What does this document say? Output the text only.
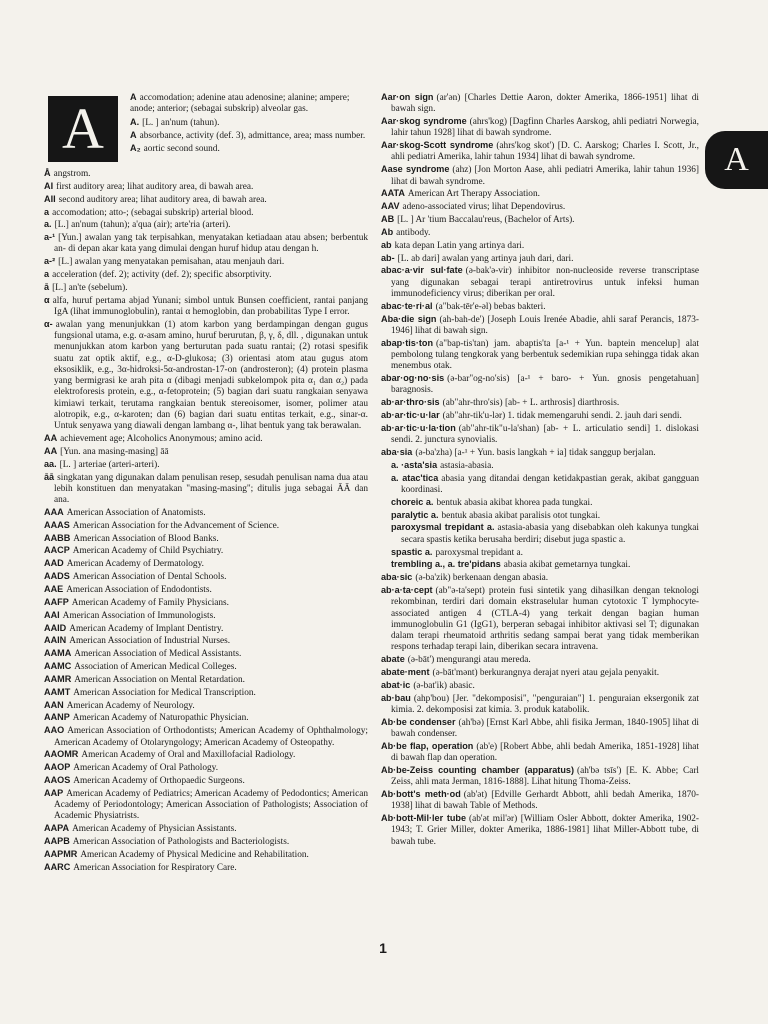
A	A accomodation; adenine atau adenosine; alanine; ampere; anode; anterior; (sebagai subskrip) alveolar gas.
A. [L. ] an'num (tahun).
A absorbance, activity (def. 3), admittance, area; mass number.
A₂ aortic second sound.
Å angstrom.
AI first auditory area; lihat auditory area, di bawah area.
AII second auditory area; lihat auditory area, di bawah area.
a accomodation; atto-; (sebagai subskrip) arterial blood.
a. [L.] an'num (tahun); a'qua (air); arte'ria (arteri).
a-¹ [Yun.] awalan yang tak terpisahkan, menyatakan ketiadaan atau absen; berbentuk an- di depan akar kata yang dimulai dengan huruf hidup atau dengan h.
a-² [L.] awalan yang menyatakan pemisahan, atau menjauh dari.
a acceleration (def. 2); activity (def. 2); specific absorptivity.
ā [L.] an'te (sebelum).
α alfa, huruf pertama abjad Yunani; simbol untuk Bunsen coefficient, rantai panjang IgA (lihat immunoglobulin), rantai α hemoglobin, dan probabilitas Type I error.
α- awalan yang menunjukkan (1) atom karbon yang berdampingan dengan gugus fungsional utama, e.g. α-asam amino, huruf berurutan, β, γ, δ, dll. , digunakan untuk menunjukkan atom karbon yang berturutan pada suatu rantai; (2) rotasi spesifik suatu zat optik aktif, e.g., α-D-glukosa; (3) orientasi atom atau gugus atom eksosiklik, e.g., 3α-hidroksi-5α-androstan-17-on (androsteron); (4) protein plasma yang bermigrasi ke arah pita α (dibagi menjadi subkelompok pita α₁ dan α₂) pada elektroforesis protein, e.g., α-fetoprotein; (5) bagian dari suatu rangkaian senyawa kimiawi terkait, terutama rangkaian bentuk stereoisomer, isomer, polimer atau alotropik, e.g., α-karoten; dan (6) bagian dari suatu entitas terkait, e.g., sinar-α. Untuk senyawa yang diawali dengan lambang α-, lihat bentuk yang tak berawalan.
AA achievement age; Alcoholics Anonymous; amino acid.
AA [Yun. ana masing-masing] āā
aa. [L. ] arteriae (arteri-arteri).
āā singkatan yang digunakan dalam penulisan resep, sesudah penulisan nama dua atau lebih konstituen dan menyatakan "masing-masing"; ditulis juga sebagai ĀĀ dan ana.
AAA American Association of Anatomists.
AAAS American Association for the Advancement of Science.
AABB American Association of Blood Banks.
AACP American Academy of Child Psychiatry.
AAD American Academy of Dermatology.
AADS American Association of Dental Schools.
AAE American Association of Endodontists.
AAFP American Academy of Family Physicians.
AAI American Association of Immunologists.
AAID American Academy of Implant Dentistry.
AAIN American Association of Industrial Nurses.
AAMA American Association of Medical Assistants.
AAMC Association of American Medical Colleges.
AAMR American Association on Mental Retardation.
AAMT American Association for Medical Transcription.
AAN American Academy of Neurology.
AANP American Academy of Naturopathic Physician.
AAO American Association of Orthodontists; American Academy of Ophthalmology; American Academy of Otolaryngology; American Academy of Osteopathy.
AAOMR American Academy of Oral and Maxillofacial Radiology.
AAOP American Academy of Oral Pathology.
AAOS American Academy of Orthopaedic Surgeons.
AAP American Academy of Pediatrics; American Academy of Pedodontics; American Academy of Periodontology; American Association of Pathologists; Association of Academic Physiatrists.
AAPA American Academy of Physician Assistants.
AAPB American Association of Pathologists and Bacteriologists.
AAPMR American Academy of Physical Medicine and Rehabilitation.
AARC American Association for Respiratory Care.
Aar·on sign (ar'ən) [Charles Dettie Aaron, dokter Amerika, 1866-1951] lihat di bawah sign.
Aar·skog syndrome (ahrs'kog) [Dagfinn Charles Aarskog, ahli pediatri Norwegia, lahir tahun 1928] lihat di bawah syndrome.
Aar·skog-Scott syndrome (ahrs'kog skot') [D. C. Aarskog; Charles I. Scott, Jr., ahli pediatri Amerika, lahir tahun 1934] lihat di bawah syndrome.
Aase syndrome (ahz) [Jon Morton Aase, ahli pediatri Amerika, lahir tahun 1936] lihat di bawah syndrome.
AATA American Art Therapy Association.
AAV adeno-associated virus; lihat Dependovirus.
AB [L. ] Ar 'tium Baccalau'reus, (Bachelor of Arts).
Ab antibody.
ab kata depan Latin yang artinya dari.
ab- [L. ab dari] awalan yang artinya jauh dari, dari.
abac·a·vir sul·fate (ə-bak'ə-vir) inhibitor non-nucleoside reverse transcriptase yang digunakan sebagai terapi antiretrovirus untuk infeksi human immunodeficiency virus; diberikan per oral.
abac·te·ri·al (a"bak-tēr'e-əl) bebas bakteri.
Aba·die sign (ah-bah-de') [Joseph Louis Irenée Abadie, ahli saraf Perancis, 1873-1946] lihat di bawah sign.
abap·tis·ton (a"bap-tis'tan) jam. abaptis'ta [a-¹ + Yun. baptein mencelup] alat pembolong tulang tengkorak yang berbentuk sedemikian rupa sehingga tidak akan menembus otak.
abar·og·no·sis (ə-bar"og-no'sis) [a-¹ + baro- + Yun. gnosis pengetahuan] baragnosis.
ab·ar·thro·sis (ab"ahr-thro'sis) [ab- + L. arthrosis] diarthrosis.
ab·ar·tic·u·lar (ab"ahr-tik'u-lər) 1. tidak memengaruhi sendi. 2. jauh dari sendi.
ab·ar·tic·u·la·tion (ab"ahr-tik"u-la'shan) [ab- + L. articulatio sendi] 1. dislokasi sendi. 2. junctura synovialis.
aba·sia (ə-ba'zha) [a-¹ + Yun. basis langkah + ia] tidak sanggup berjalan.
a. ·asta'sia astasia-abasia.
a. atac'tica abasia yang ditandai dengan ketidakpastian gerak, akibat gangguan koordinasi.
choreic a. bentuk abasia akibat khorea pada tungkai.
paralytic a. bentuk abasia akibat paralisis otot tungkai.
paroxysmal trepidant a. astasia-abasia yang disebabkan oleh kakunya tungkai secara spastis ketika berusaha berdiri; disebut juga spastic a.
spastic a. paroxysmal trepidant a.
trembling a., a. tre'pidans abasia akibat gemetarnya tungkai.
aba·sic (ə-ba'zik) berkenaan dengan abasia.
ab·a·ta·cept (ab"ə-ta'sept) protein fusi sintetik yang dihasilkan dengan teknologi rekombinan, terdiri dari domain ekstraselular human cytotoxic T lymphocyte-associated antigen 4 (CTLA-4) yang terkait dengan bagian human immunoglobulin G1 (IgG1), berperan sebagai inhibitor aktivasi sel T; digunakan dalam terapi rheumatoid arthritis sedang sampai berat yang tidak memberikan respons terhadap terapi lain, diberikan secara intravena.
abate (ə-bāt') mengurangi atau mereda.
abate·ment (ə-bāt'mənt) berkurangnya derajat nyeri atau gejala penyakit.
abat·ic (ə-bat'ik) abasic.
ab·bau (ahp'bou) [Jer. "dekomposisi", "penguraian"] 1. penguraian eksergonik zat kimia. 2. dekomposisi zat kimia. 3. produk katabolik.
Ab·be condenser (ah'bə) [Ernst Karl Abbe, ahli fisika Jerman, 1840-1905] lihat di bawah condenser.
Ab·be flap, operation (ab'e) [Robert Abbe, ahli bedah Amerika, 1851-1928] lihat di bawah flap dan operation.
Ab·be-Zeiss counting chamber (apparatus) (ah'bə tsīs') [E. K. Abbe; Carl Zeiss, ahli mata Jerman, 1816-1888]. Lihat hitung Thoma-Zeiss.
Ab·bott's meth·od (ab'ət) [Edville Gerhardt Abbott, ahli bedah Amerika, 1870-1938] lihat di bawah Table of Methods.
Ab·bott-Mil·ler tube (ab'ət mil'ər) [William Osler Abbott, dokter Amerika, 1902-1943; T. Grier Miller, dokter Amerika, 1886-1981] lihat Miller-Abbott tube, di bawah tube.
A
1
